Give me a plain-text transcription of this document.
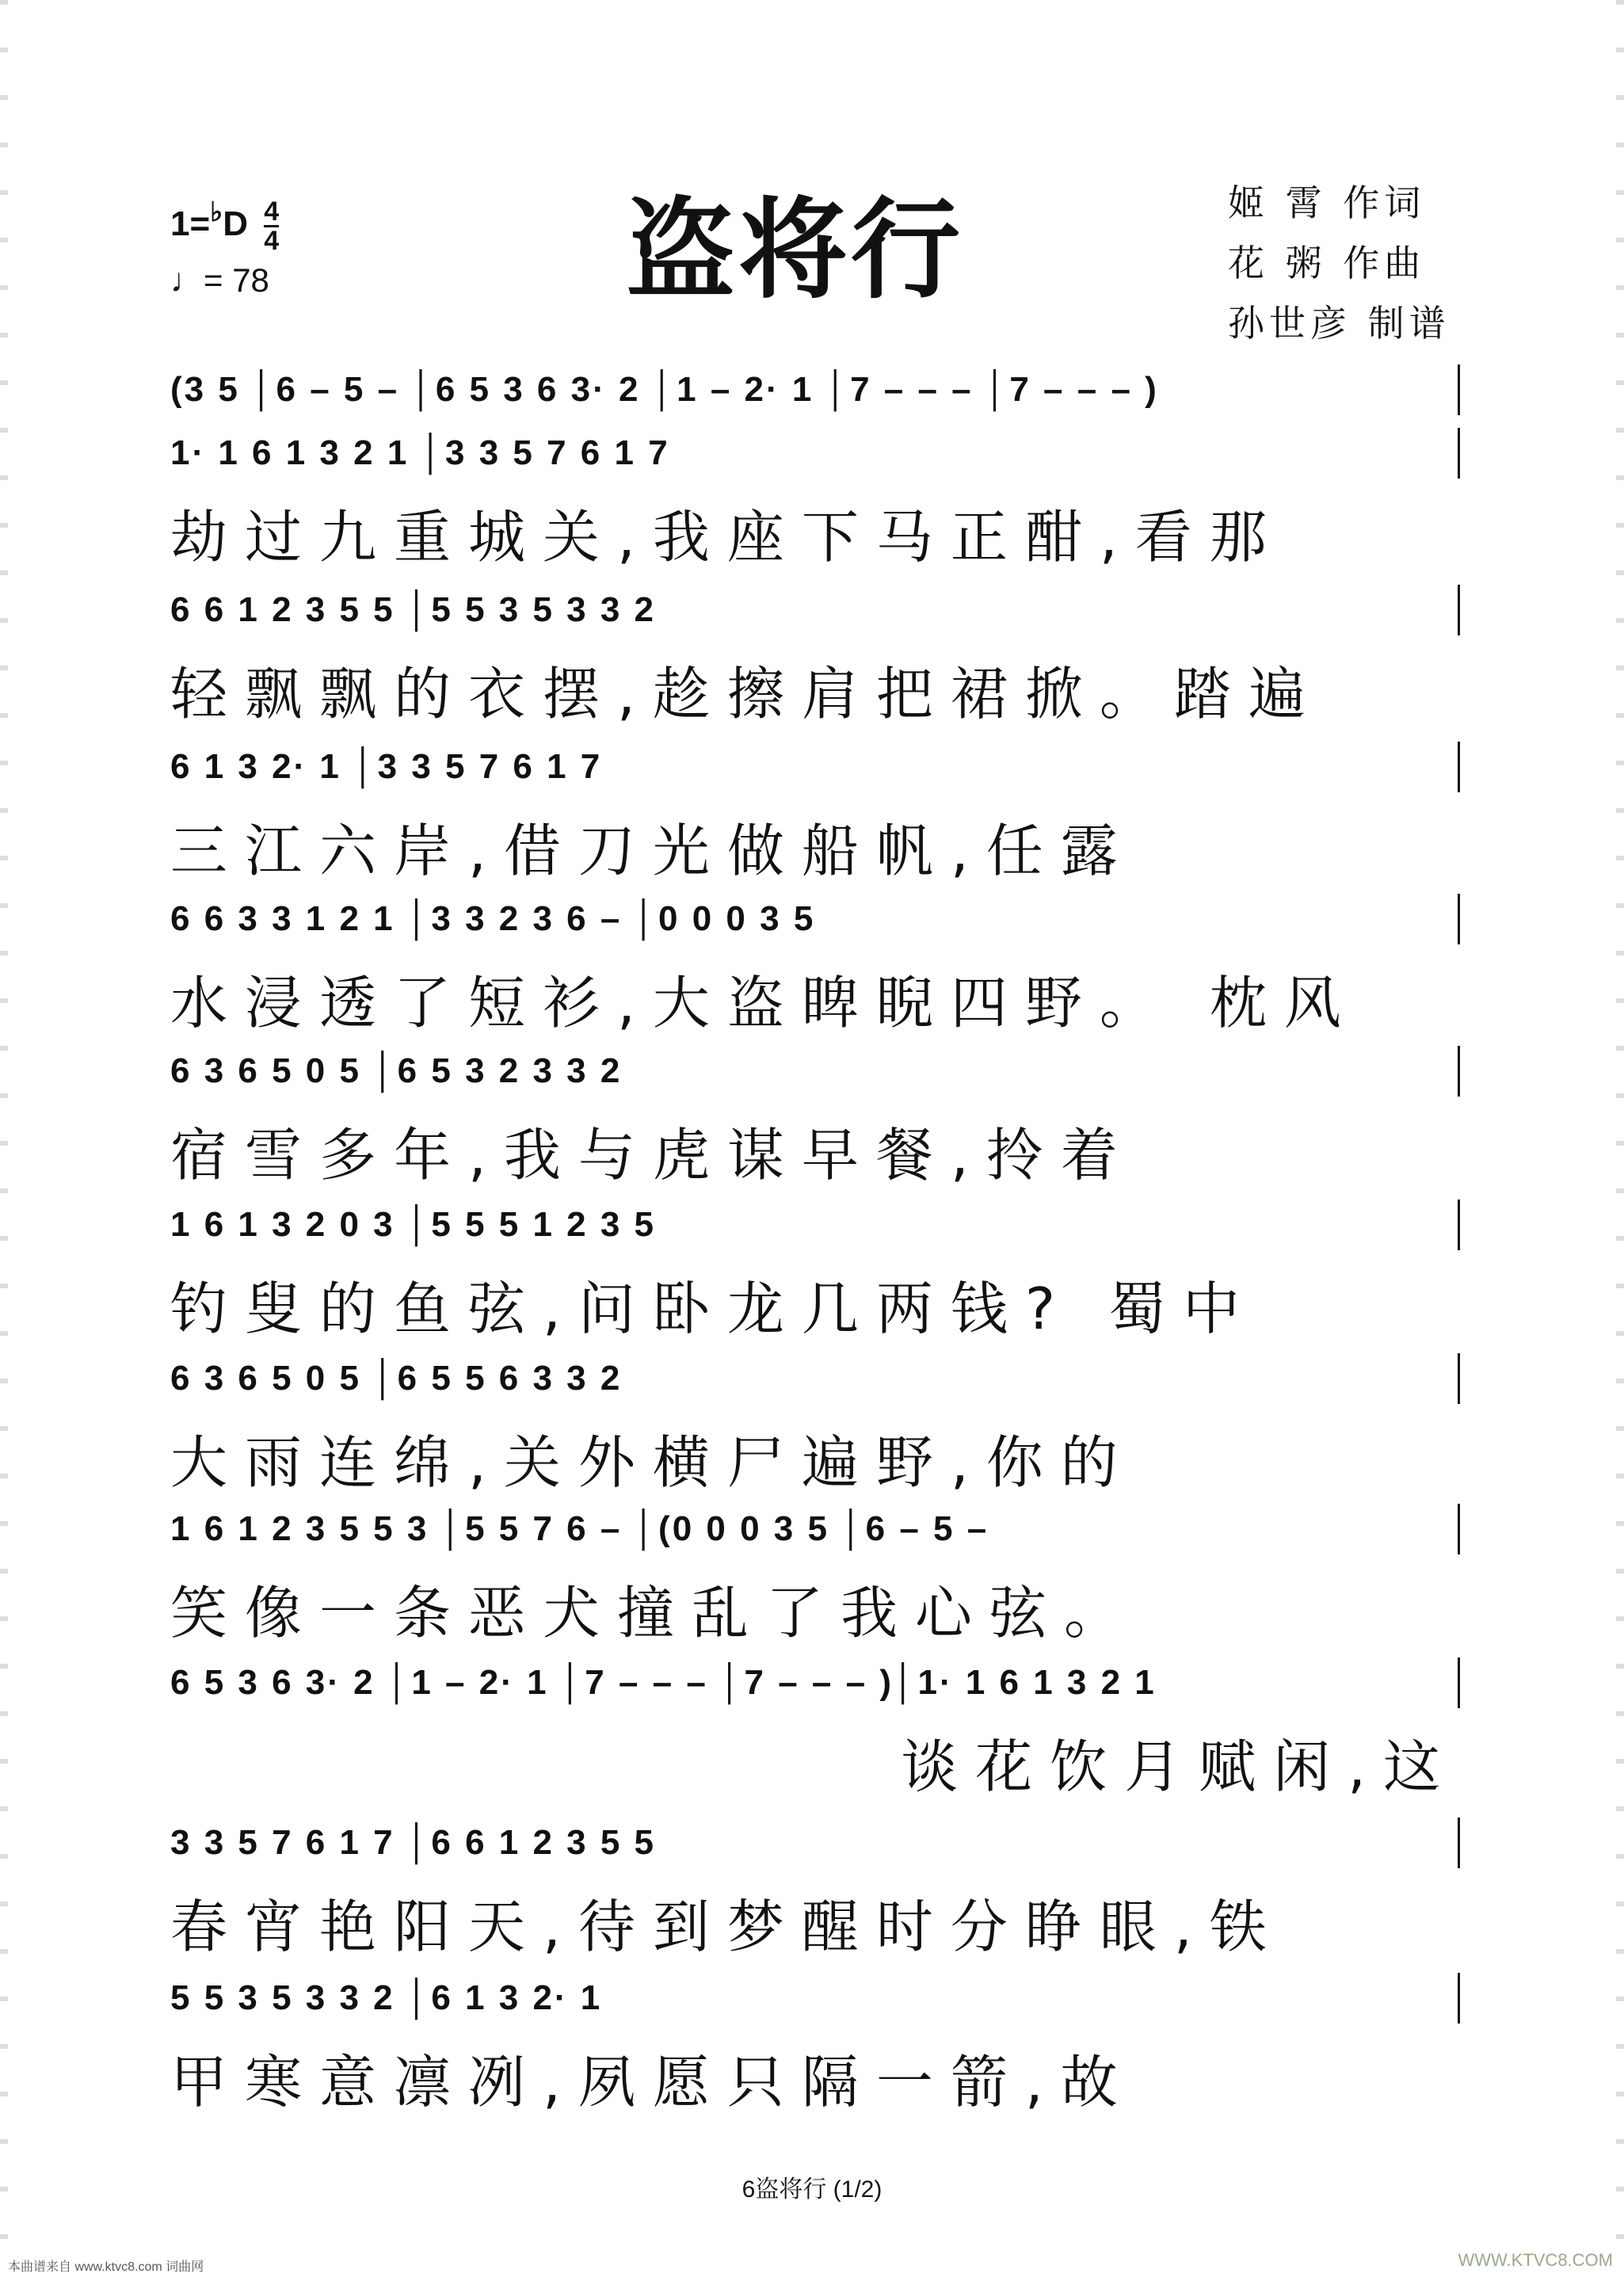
$1=^♭D \frac{4}{4}$
♩= 78	盗将行	姬 霄 作词
花 粥 作曲
孙世彦 制谱
(3 5 │6 – 5 – │6 5 3 6 3· 2 │1 – 2· 1 │7 – – – │7 – – – )
1· 1 6 1 3 2 1 │3 3 5 7 6 1 7
劫过九重城关,我座下马正酣,看那
6 6 1 2 3 5 5 │5 5 3 5 3 3 2
轻飘飘的衣摆,趁擦肩把裙掀。踏遍
6 1 3 2· 1 │3 3 5 7 6 1 7
三江六岸,借刀光做船帆,任露
6 6 3 3 1 2 1 │3 3 2 3 6 – │0 0 0 3 5
水浸透了短衫,大盗睥睨四野。 枕风
6 3 6 5 0 5 │6 5 3 2 3 3 2
宿雪多年,我与虎谋早餐,拎着
1 6 1 3 2 0 3 │5 5 5 1 2 3 5
钓叟的鱼弦,问卧龙几两钱? 蜀中
6 3 6 5 0 5 │6 5 5 6 3 3 2
大雨连绵,关外横尸遍野,你的
1 6 1 2 3 5 5 3 │5 5 7 6 – │(0 0 0 3 5 │6 – 5 –
笑像一条恶犬撞乱了我心弦。
6 5 3 6 3· 2 │1 – 2· 1 │7 – – – │7 – – – )│1· 1 6 1 3 2 1
谈花饮月赋闲,这
3 3 5 7 6 1 7 │6 6 1 2 3 5 5
春宵艳阳天,待到梦醒时分睁眼,铁
5 5 3 5 3 3 2 │6 1 3 2· 1
甲寒意凛冽,夙愿只隔一箭,故
6盗将行 (1/2)
本曲谱来自 www.ktvc8.com 词曲网	WWW.KTVC8.COM
